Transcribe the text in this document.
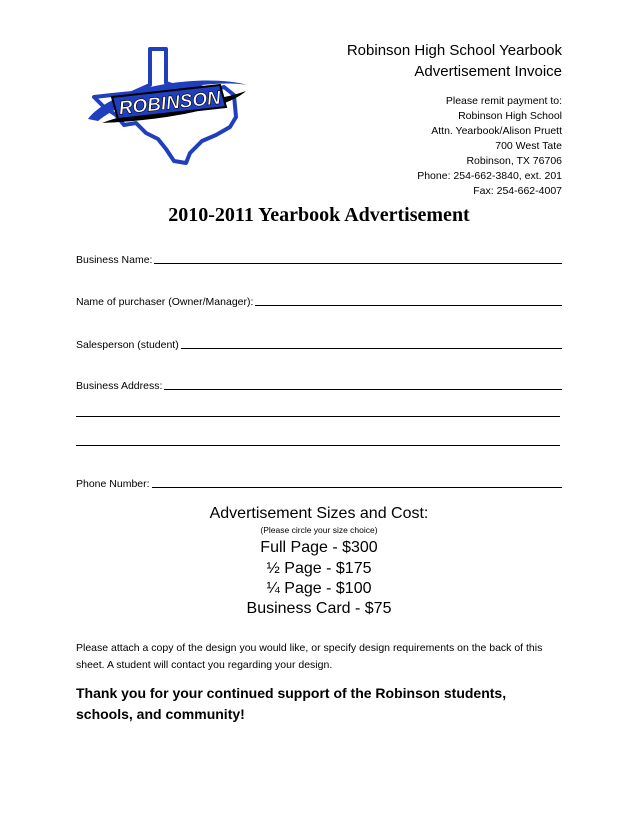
ROBINSON
Robinson High School Yearbook
Advertisement Invoice
Please remit payment to:
Robinson High School
Attn. Yearbook/Alison Pruett
700 West Tate
Robinson, TX 76706
Phone: 254-662-3840, ext. 201
Fax: 254-662-4007
2010-2011 Yearbook Advertisement
Business Name:
Name of purchaser (Owner/Manager):
Salesperson (student)
Business Address:
Phone Number:
Advertisement Sizes and Cost:
(Please circle your size choice)
Full Page - $300
½ Page - $175
¼ Page - $100
Business Card - $75
Please attach a copy of the design you would like, or specify design requirements on the back of this sheet. A student will contact you regarding your design.
Thank you for your continued support of the Robinson students, schools, and community!
